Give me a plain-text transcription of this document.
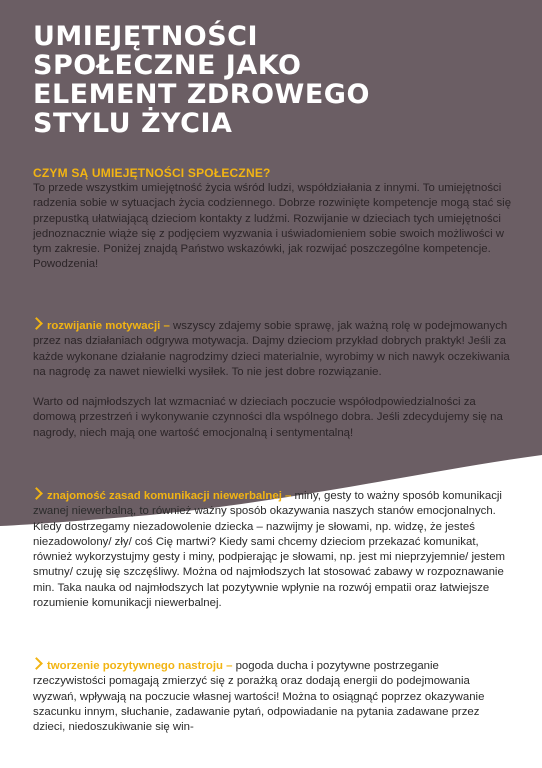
UMIEJĘTNOŚCI
SPOŁECZNE JAKO
ELEMENT ZDROWEGO
STYLU ŻYCIA
CZYM SĄ UMIEJĘTNOŚCI SPOŁECZNE?

To przede wszystkim umiejętność życia wśród ludzi, współdziałania z innymi. To umiejętności radzenia sobie w sytuacjach życia codziennego. Dobrze rozwinięte kompetencje mogą stać się przepustką ułatwiającą dzieciom kontakty z ludźmi. Rozwijanie w dzieciach tych umiejętności jednoznacznie wiąże się z podjęciem wyzwania i uświadomieniem sobie swoich możliwości w tym zakresie. Poniżej znajdą Państwo wskazówki, jak rozwijać poszczególne kompetencje. Powodzenia!

rozwijanie motywacji – wszyscy zdajemy sobie sprawę, jak ważną rolę w podejmowanych przez nas działaniach odgrywa motywacja. Dajmy dzieciom przykład dobrych praktyk! Jeśli za każde wykonane działanie nagrodzimy dzieci materialnie, wyrobimy w nich nawyk oczekiwania na nagrodę za nawet niewielki wysiłek. To nie jest dobre rozwiązanie.

Warto od najmłodszych lat wzmacniać w dzieciach poczucie współodpowiedzialności za domową przestrzeń i wykonywanie czynności dla wspólnego dobra. Jeśli zdecydujemy się na nagrody, niech mają one wartość emocjonalną i sentymentalną!

znajomość zasad komunikacji niewerbalnej – miny, gesty to ważny sposób komunikacji zwanej niewerbalną, to również ważny sposób okazywania naszych stanów emocjonalnych. Kiedy dostrzegamy niezadowolenie dziecka – nazwijmy je słowami, np. widzę, że jesteś niezadowolony/ zły/ coś Cię martwi? Kiedy sami chcemy dzieciom przekazać komunikat, również wykorzystujmy gesty i miny, podpierając je słowami, np. jest mi nieprzyjemnie/ jestem smutny/ czuję się szczęśliwy. Można od najmłodszych lat stosować zabawy w rozpoznawanie min. Taka nauka od najmłodszych lat pozytywnie wpłynie na rozwój empatii oraz łatwiejsze rozumienie komunikacji niewerbalnej.

tworzenie pozytywnego nastroju – pogoda ducha i pozytywne postrzeganie rzeczywistości pomagają zmierzyć się z porażką oraz dodają energii do podejmowania wyzwań, wpływają na poczucie własnej wartości! Można to osiągnąć poprzez okazywanie szacunku innym, słuchanie, zadawanie pytań, odpowiadanie na pytania zadawane przez dzieci, niedoszukiwanie się win-
